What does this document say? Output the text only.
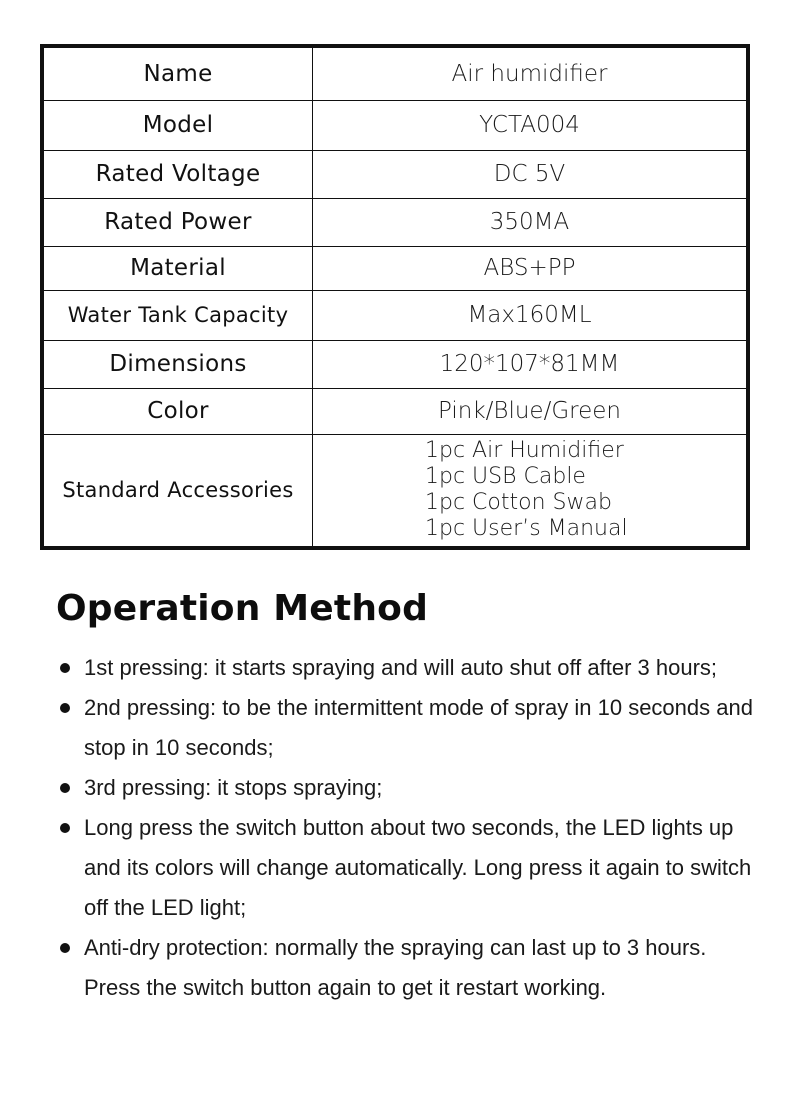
Name	Air humidifier
Model	YCTA004
Rated Voltage	DC 5V
Rated Power	350MA
Material	ABS+PP
Water Tank Capacity	Max160ML
Dimensions	120*107*81MM
Color	Pink/Blue/Green
Standard Accessories	1pc Air Humidifier
1pc USB Cable
1pc Cotton Swab
1pc User’s Manual
Operation Method
1st pressing: it starts spraying and will auto shut off after 3 hours;
2nd pressing: to be the intermittent mode of spray in 10 seconds and stop in 10 seconds;
3rd pressing: it stops spraying;
Long press the switch button about two seconds, the LED lights up and its colors will change automatically. Long press it again to switch off the LED light;
Anti-dry protection: normally the spraying can last up to 3 hours. Press the switch button again to get it restart working.
